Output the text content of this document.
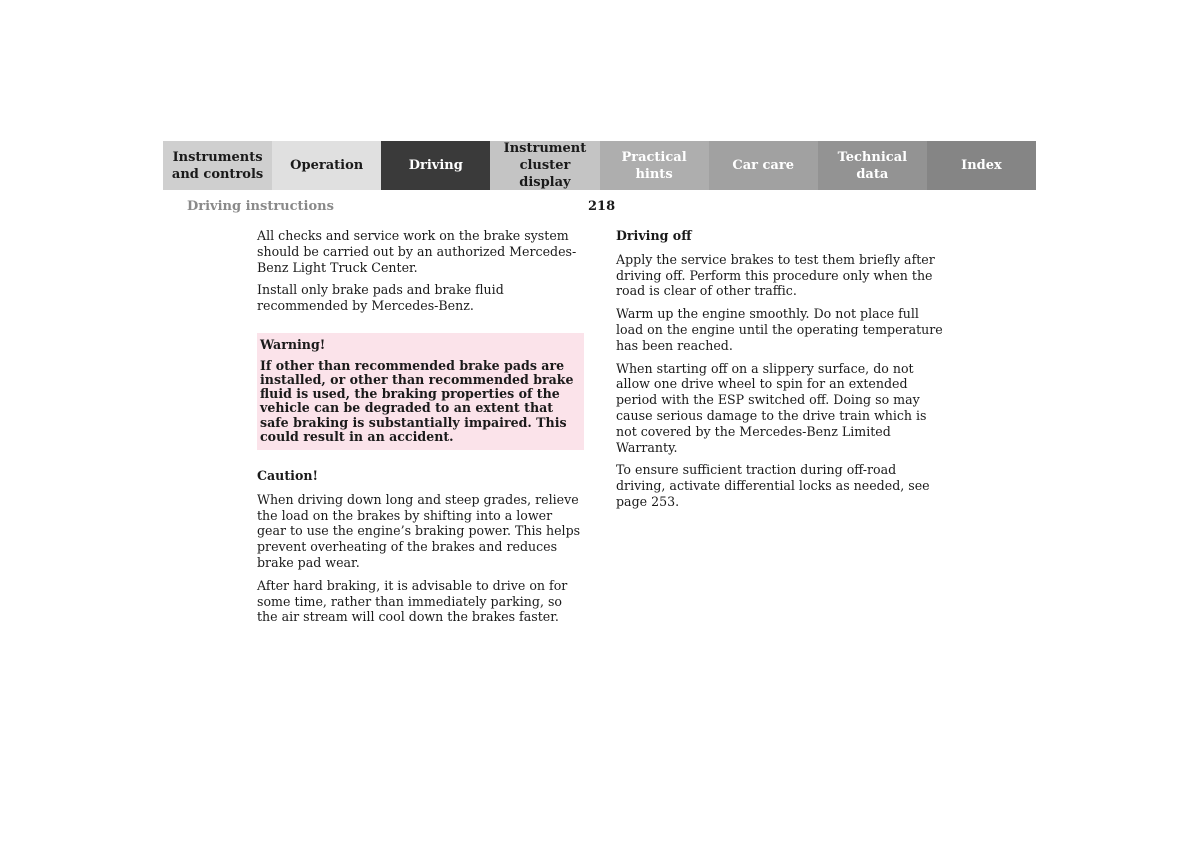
Instruments
and controls
Operation	Driving
Instrument
cluster display
Practical hints
Car care
Technical
data
Index
Driving instructions	218

All checks and service work on the brake system should be carried out by an authorized Mercedes-Benz Light Truck Center.

Install only brake pads and brake fluid recommended by Mercedes-Benz.

Warning!

If other than recommended brake pads are installed, or other than recommended brake fluid is used, the braking properties of the vehicle can be degraded to an extent that safe braking is substantially impaired. This could result in an accident.

Caution!

When driving down long and steep grades, relieve the load on the brakes by shifting into a lower gear to use the engine’s braking power. This helps prevent overheating of the brakes and reduces brake pad wear.

After hard braking, it is advisable to drive on for some time, rather than immediately parking, so the air stream will cool down the brakes faster.

Driving off

Apply the service brakes to test them briefly after driving off. Perform this procedure only when the road is clear of other traffic.

Warm up the engine smoothly. Do not place full load on the engine until the operating temperature has been reached.

When starting off on a slippery surface, do not allow one drive wheel to spin for an extended period with the ESP switched off. Doing so may cause serious damage to the drive train which is not covered by the Mercedes-Benz Limited Warranty.

To ensure sufficient traction during off-road driving, activate differential locks as needed, see page 253.
